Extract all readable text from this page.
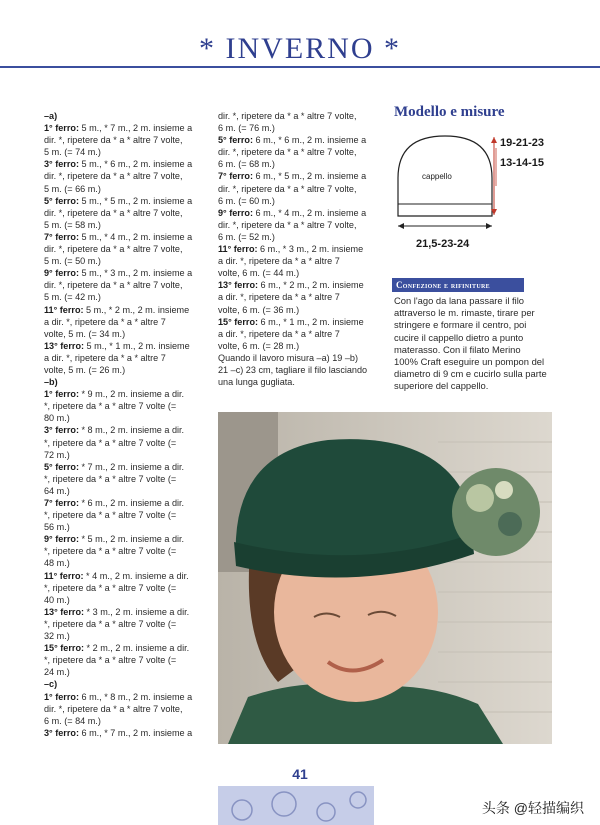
* INVERNO *
–a)
1° ferro: 5 m., * 7 m., 2 m. insieme a
dir. *, ripetere da * a * altre 7 volte,
5 m. (= 74 m.)
3° ferro: 5 m., * 6 m., 2 m. insieme a
dir. *, ripetere da * a * altre 7 volte,
5 m. (= 66 m.)
5° ferro: 5 m., * 5 m., 2 m. insieme a
dir. *, ripetere da * a * altre 7 volte,
5 m. (= 58 m.)
7° ferro: 5 m., * 4 m., 2 m. insieme a
dir. *, ripetere da * a * altre 7 volte,
5 m. (= 50 m.)
9° ferro: 5 m., * 3 m., 2 m. insieme a
dir. *, ripetere da * a * altre 7 volte,
5 m. (= 42 m.)
11° ferro: 5 m., * 2 m., 2 m. insieme
a dir. *, ripetere da * a * altre 7
volte, 5 m. (= 34 m.)
13° ferro: 5 m., * 1 m., 2 m. insieme
a dir. *, ripetere da * a * altre 7
volte, 5 m. (= 26 m.)
–b)
1° ferro: * 9 m., 2 m. insieme a dir.
*, ripetere da * a * altre 7 volte (=
80 m.)
3° ferro: * 8 m., 2 m. insieme a dir.
*, ripetere da * a * altre 7 volte (=
72 m.)
5° ferro: * 7 m., 2 m. insieme a dir.
*, ripetere da * a * altre 7 volte (=
64 m.)
7° ferro: * 6 m., 2 m. insieme a dir.
*, ripetere da * a * altre 7 volte (=
56 m.)
9° ferro: * 5 m., 2 m. insieme a dir.
*, ripetere da * a * altre 7 volte (=
48 m.)
11° ferro: * 4 m., 2 m. insieme a dir.
*, ripetere da * a * altre 7 volte (=
40 m.)
13° ferro: * 3 m., 2 m. insieme a dir.
*, ripetere da * a * altre 7 volte (=
32 m.)
15° ferro: * 2 m., 2 m. insieme a dir.
*, ripetere da * a * altre 7 volte (=
24 m.)
–c)
1° ferro: 6 m., * 8 m., 2 m. insieme a
dir. *, ripetere da * a * altre 7 volte,
6 m. (= 84 m.)
3° ferro: 6 m., * 7 m., 2 m. insieme a
dir. *, ripetere da * a * altre 7 volte,
6 m. (= 76 m.)
5° ferro: 6 m., * 6 m., 2 m. insieme a
dir. *, ripetere da * a * altre 7 volte,
6 m. (= 68 m.)
7° ferro: 6 m., * 5 m., 2 m. insieme a
dir. *, ripetere da * a * altre 7 volte,
6 m. (= 60 m.)
9° ferro: 6 m., * 4 m., 2 m. insieme a
dir. *, ripetere da * a * altre 7 volte,
6 m. (= 52 m.)
11° ferro: 6 m., * 3 m., 2 m. insieme
a dir. *, ripetere da * a * altre 7
volte, 6 m. (= 44 m.)
13° ferro: 6 m., * 2 m., 2 m. insieme
a dir. *, ripetere da * a * altre 7
volte, 6 m. (= 36 m.)
15° ferro: 6 m., * 1 m., 2 m. insieme
a dir. *, ripetere da * a * altre 7
volte, 6 m. (= 28 m.)
Quando il lavoro misura –a) 19 –b)
21 –c) 23 cm, tagliare il filo lasciando
una lunga gugliata.
Modello e misure
cappello
19-21-23
13-14-15
21,5-23-24
Confezione e rifiniture
Con l'ago da lana passare il filo
attraverso le m. rimaste, tirare per
stringere e formare il centro, poi
cucire il cappello dietro a punto
materasso. Con il filato Merino
100% Craft eseguire un pompon del
diametro di 9 cm e cucirlo sulla parte
superiore del cappello.
41
头条 @轻描编织
